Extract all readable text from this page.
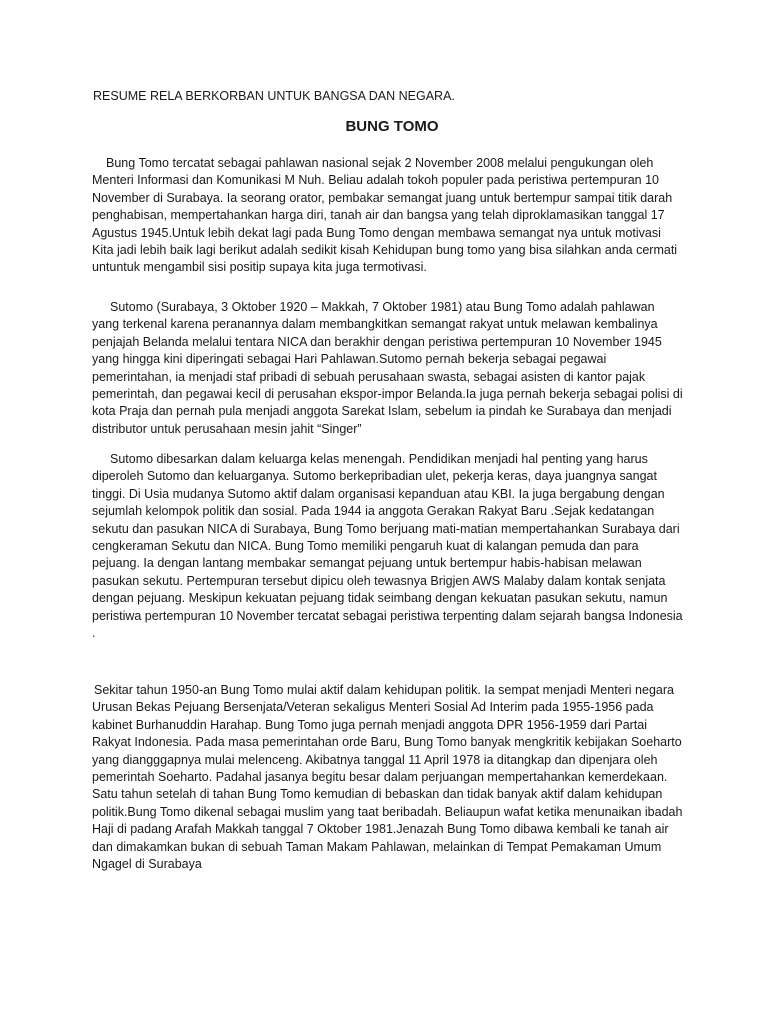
RESUME RELA BERKORBAN UNTUK BANGSA DAN NEGARA.
BUNG TOMO

Bung Tomo tercatat sebagai pahlawan nasional sejak 2 November 2008 melalui pengukungan oleh Menteri Informasi dan Komunikasi M Nuh. Beliau adalah tokoh populer pada peristiwa pertempuran 10 November di Surabaya. Ia seorang orator, pembakar semangat juang untuk bertempur sampai titik darah penghabisan, mempertahankan harga diri, tanah air dan bangsa yang telah diproklamasikan tanggal 17 Agustus 1945.Untuk lebih dekat lagi pada Bung Tomo dengan membawa semangat nya untuk motivasi Kita jadi lebih baik lagi berikut adalah sedikit kisah Kehidupan bung tomo yang bisa silahkan anda cermati untuntuk mengambil sisi positip supaya kita juga termotivasi.

Sutomo (Surabaya, 3 Oktober 1920 – Makkah, 7 Oktober 1981) atau Bung Tomo adalah pahlawan yang terkenal karena peranannya dalam membangkitkan semangat rakyat untuk melawan kembalinya penjajah Belanda melalui tentara NICA dan berakhir dengan peristiwa pertempuran 10 November 1945 yang hingga kini diperingati sebagai Hari Pahlawan.Sutomo pernah bekerja sebagai pegawai pemerintahan, ia menjadi staf pribadi di sebuah perusahaan swasta, sebagai asisten di kantor pajak pemerintah, dan pegawai kecil di perusahan ekspor-impor Belanda.Ia juga pernah bekerja sebagai polisi di kota Praja dan pernah pula menjadi anggota Sarekat Islam, sebelum ia pindah ke Surabaya dan menjadi distributor untuk perusahaan mesin jahit “Singer”

Sutomo dibesarkan dalam keluarga kelas menengah. Pendidikan menjadi hal penting yang harus diperoleh Sutomo dan keluarganya. Sutomo berkepribadian ulet, pekerja keras, daya juangnya sangat tinggi. Di Usia mudanya Sutomo aktif dalam organisasi kepanduan atau KBI. Ia juga bergabung dengan sejumlah kelompok politik dan sosial. Pada 1944 ia anggota Gerakan Rakyat Baru .Sejak kedatangan sekutu dan pasukan NICA di Surabaya, Bung Tomo berjuang mati-matian mempertahankan Surabaya dari cengkeraman Sekutu dan NICA. Bung Tomo memiliki pengaruh kuat di kalangan pemuda dan para pejuang. Ia dengan lantang membakar semangat pejuang untuk bertempur habis-habisan melawan pasukan sekutu. Pertempuran tersebut dipicu oleh tewasnya Brigjen AWS Malaby dalam kontak senjata dengan pejuang. Meskipun kekuatan pejuang tidak seimbang dengan kekuatan pasukan sekutu, namun peristiwa pertempuran 10 November tercatat sebagai peristiwa terpenting dalam sejarah bangsa Indonesia .

Sekitar tahun 1950-an Bung Tomo mulai aktif dalam kehidupan politik. Ia sempat menjadi Menteri negara Urusan Bekas Pejuang Bersenjata/Veteran sekaligus Menteri Sosial Ad Interim pada 1955-1956 pada kabinet Burhanuddin Harahap. Bung Tomo juga pernah menjadi anggota DPR 1956-1959 dari Partai Rakyat Indonesia. Pada masa pemerintahan orde Baru, Bung Tomo banyak mengkritik kebijakan Soeharto yang diangggapnya mulai melenceng. Akibatnya tanggal 11 April 1978 ia ditangkap dan dipenjara oleh pemerintah Soeharto. Padahal jasanya begitu besar dalam perjuangan mempertahankan kemerdekaan. Satu tahun setelah di tahan Bung Tomo kemudian di bebaskan dan tidak banyak aktif dalam kehidupan politik.Bung Tomo dikenal sebagai muslim yang taat beribadah. Beliaupun wafat ketika menunaikan ibadah Haji di padang Arafah Makkah tanggal 7 Oktober 1981.Jenazah Bung Tomo dibawa kembali ke tanah air dan dimakamkan bukan di sebuah Taman Makam Pahlawan, melainkan di Tempat Pemakaman Umum Ngagel di Surabaya
